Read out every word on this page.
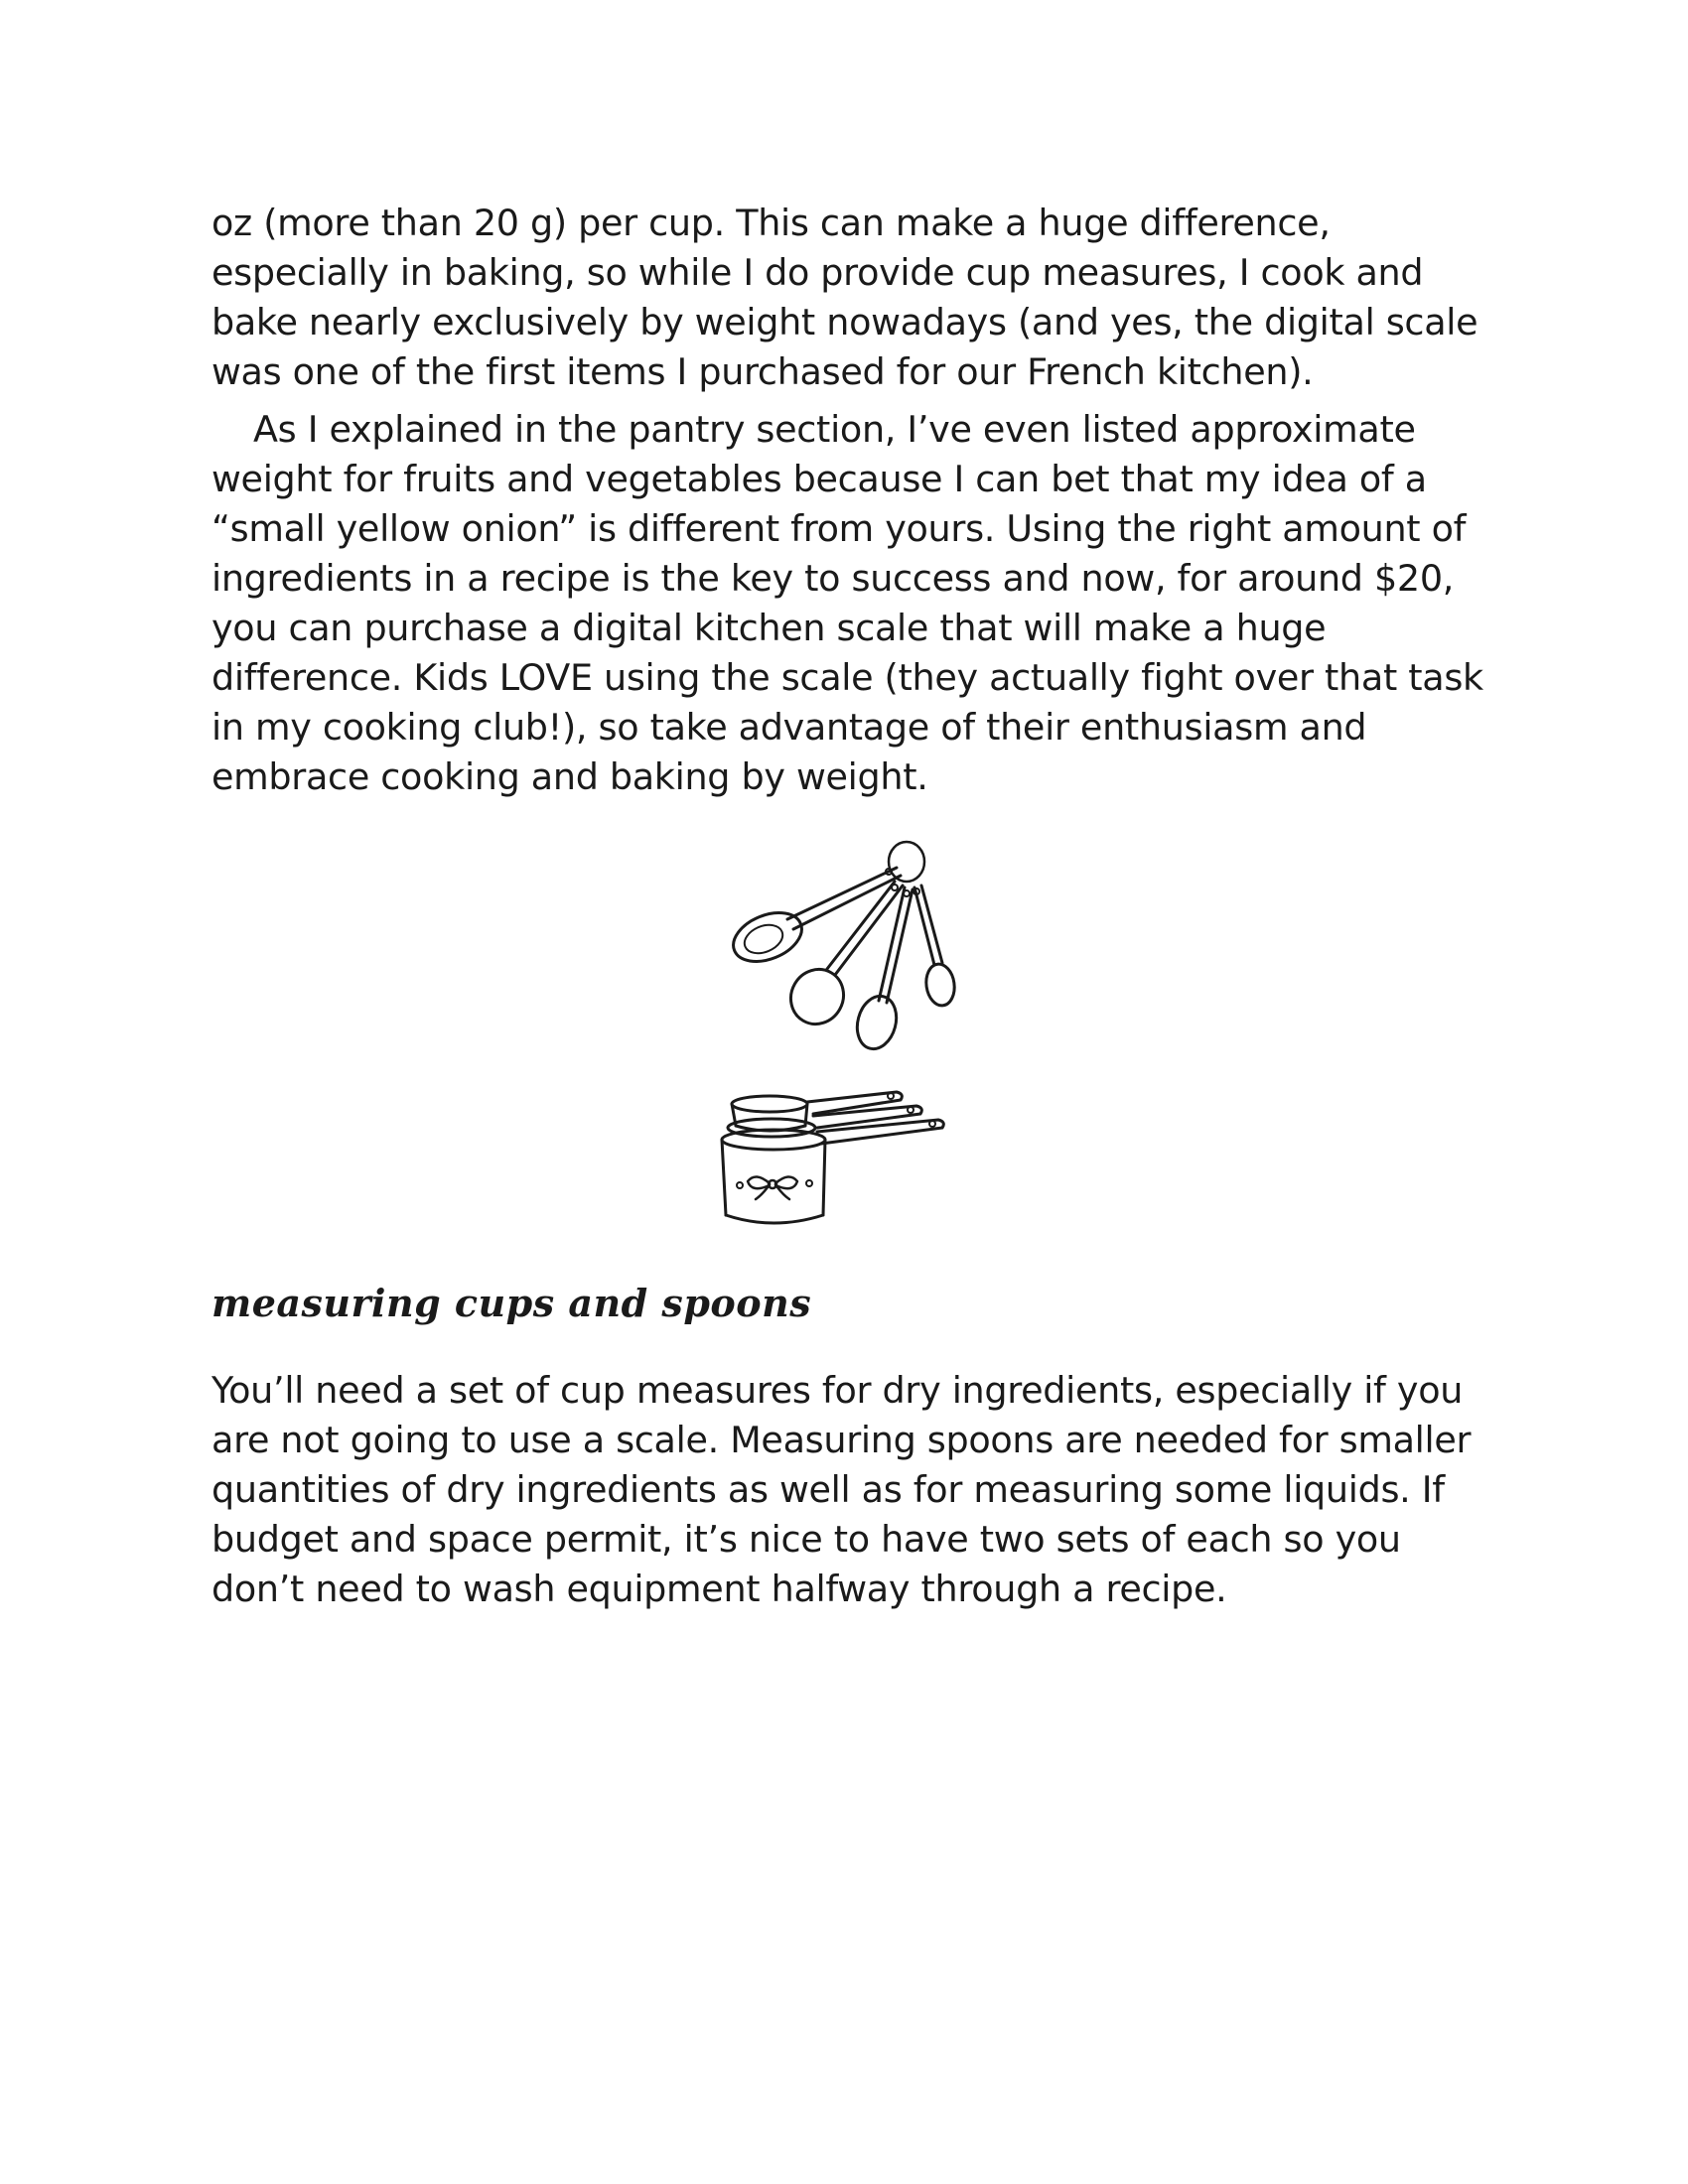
oz (more than 20 g) per cup. This can make a huge difference, especially in baking, so while I do provide cup measures, I cook and bake nearly exclusively by weight nowadays (and yes, the digital scale was one of the first items I purchased for our French kitchen).

As I explained in the pantry section, I’ve even listed approximate weight for fruits and vegetables because I can bet that my idea of a “small yellow onion” is different from yours. Using the right amount of ingredients in a recipe is the key to success and now, for around $20, you can purchase a digital kitchen scale that will make a huge difference. Kids LOVE using the scale (they actually fight over that task in my cooking club!), so take advantage of their enthusiasm and embrace cooking and baking by weight.

measuring cups and spoons

You’ll need a set of cup measures for dry ingredients, especially if you are not going to use a scale. Measuring spoons are needed for smaller quantities of dry ingredients as well as for measuring some liquids. If budget and space permit, it’s nice to have two sets of each so you don’t need to wash equipment halfway through a recipe.
